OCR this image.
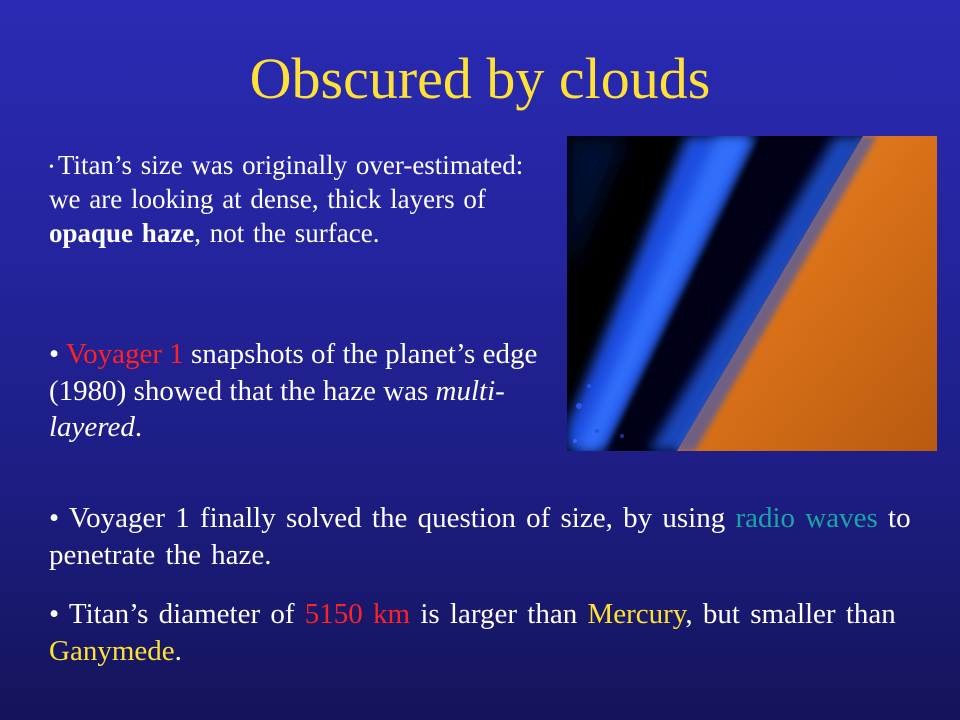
Obscured by clouds

• Titan’s size was originally over-estimated: we are looking at dense, thick layers of opaque haze, not the surface.

• Voyager 1 snapshots of the planet’s edge (1980) showed that the haze was multi-layered.

• Voyager 1 finally solved the question of size, by using radio waves to penetrate the haze.

• Titan’s diameter of 5150 km is larger than Mercury, but smaller than Ganymede.
